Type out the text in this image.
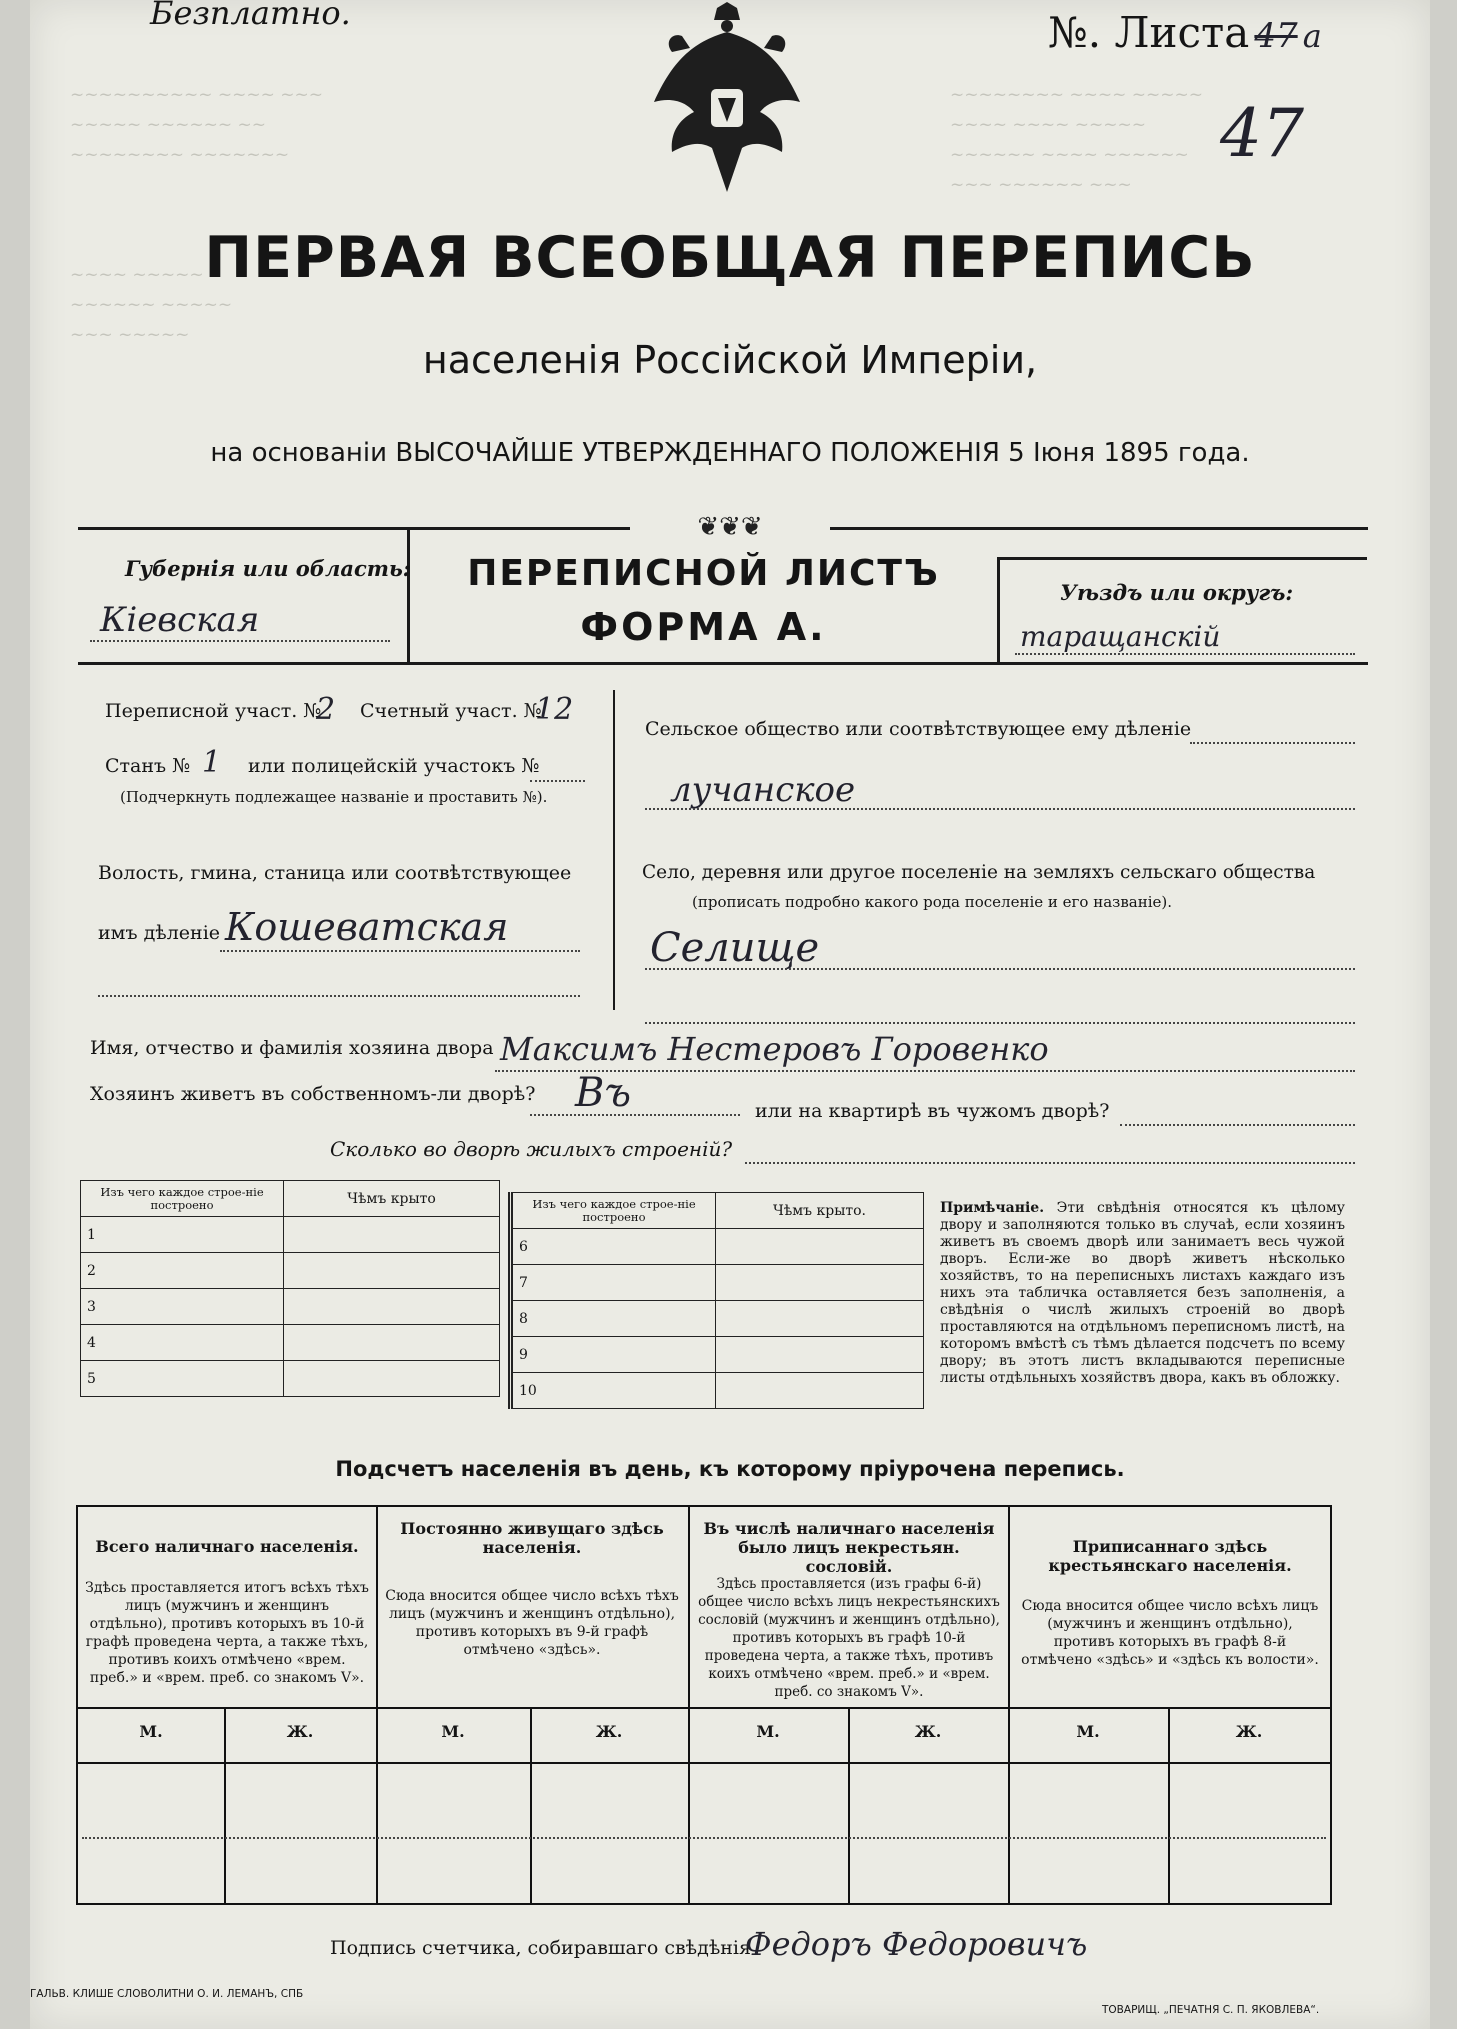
~~~~~~~~~~ ~~~~ ~~~
~~~~~ ~~~~~~ ~~
~~~~~~~~ ~~~~~~~

~~~~ ~~~~~
~~~~~~ ~~~~~
~~~ ~~~~~
~~~~~~~~ ~~~~ ~~~~~
~~~~ ~~~~ ~~~~~
~~~~~~ ~~~~ ~~~~~~
~~~ ~~~~~~ ~~~
Безплатно.	№. Листа 47 а
47
ПЕРВАЯ ВСЕОБЩАЯ ПЕРЕПИСЬ
населенія Россійской Имперіи,
на основаніи ВЫСОЧАЙШЕ УТВЕРЖДЕННАГО ПОЛОЖЕНІЯ 5 Іюня 1895 года.
❦❦❦
Губернія или область:
Кіевская
ПЕРЕПИСНОЙ ЛИСТЪ
ФОРМА А.
Уѣздъ или округъ:
таращанскій
Переписной участ. №
2 Счетный участ. №
12
Станъ № 1 или полицейскій участокъ №
(Подчеркнуть подлежащее названіе и проставить №).
Волость, гмина, станица или соотвѣтствующее
имъ дѣленіе Кошеватская
Сельское общество или соотвѣтствующее ему дѣленіе
лучанское
Село, деревня или другое поселеніе на земляхъ сельскаго общества
(прописать подробно какого рода поселеніе и его названіе).
Селище
Имя, отчество и фамилія хозяина двора Максимъ Нестеровъ Горовенко
Хозяинъ живетъ въ собственномъ-ли дворѣ? Въ	или на квартирѣ въ чужомъ дворѣ?
Сколько во дворѣ жилыхъ строеній?
Изъ чего каждое строе-ніе построено	Чѣмъ крыто
1	
2	
3	
4	
5	
Изъ чего каждое строе-ніе построено	Чѣмъ крыто.
6	
7	
8	
9	
10	
Примѣчаніе. Эти свѣдѣнія относятся къ цѣлому двору и заполняются только въ случаѣ, если хозяинъ живетъ въ своемъ дворѣ или занимаетъ весь чужой дворъ. Если-же во дворѣ живетъ нѣсколько хозяйствъ, то на переписныхъ листахъ каждаго изъ нихъ эта табличка оставляется безъ заполненія, а свѣдѣнія о числѣ жилыхъ строеній во дворѣ проставляются на отдѣльномъ переписномъ листѣ, на которомъ вмѣстѣ съ тѣмъ дѣлается подсчетъ по всему двору; въ этотъ листъ вкладываются переписные листы отдѣльныхъ хозяйствъ двора, какъ въ обложку.
Подсчетъ населенія въ день, къ которому пріурочена перепись.
Всего наличнаго населенія.
Здѣсь проставляется итогъ всѣхъ тѣхъ лицъ (мужчинъ и женщинъ отдѣльно), противъ которыхъ въ 10-й графѣ проведена черта, а также тѣхъ, противъ коихъ отмѣчено «врем. преб.» и «врем. преб. со знакомъ V».
Постоянно живущаго здѣсь населенія.
Сюда вносится общее число всѣхъ тѣхъ лицъ (мужчинъ и женщинъ отдѣльно), противъ которыхъ въ 9-й графѣ отмѣчено «здѣсь».
Въ числѣ наличнаго населенія было лицъ некрестьян. сословій.
Здѣсь проставляется (изъ графы 6-й) общее число всѣхъ лицъ некрестьянскихъ сословій (мужчинъ и женщинъ отдѣльно), противъ которыхъ въ графѣ 10-й проведена черта, а также тѣхъ, противъ коихъ отмѣчено «врем. преб.» и «врем. преб. со знакомъ V».
Приписаннаго здѣсь крестьянскаго населенія.
Сюда вносится общее число всѣхъ лицъ (мужчинъ и женщинъ отдѣльно), противъ которыхъ въ графѣ 8-й отмѣчено «здѣсь» и «здѣсь къ волости».
М.	Ж.	М.	Ж.	М.	Ж.	М.	Ж.
Подпись счетчика, собиравшаго свѣдѣнія
Федоръ Федоровичъ
ГАЛЬВ. КЛИШЕ СЛОВОЛИТНИ О. И. ЛЕМАНЪ, СПБ
ТОВАРИЩ. „ПЕЧАТНЯ С. П. ЯКОВЛЕВА“.
